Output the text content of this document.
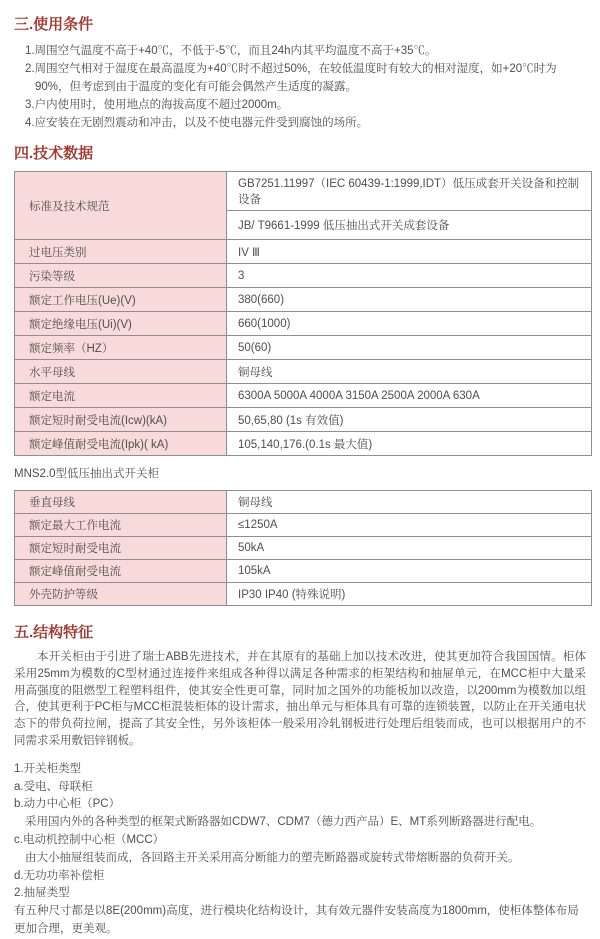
三.使用条件
1.周围空气温度不高于+40℃，不低于-5℃，而且24h内其平均温度不高于+35℃。
2.周围空气相对于湿度在最高温度为+40℃时不超过50%，在较低温度时有较大的相对湿度，如+20℃时为90%，但考虑到由于温度的变化有可能会偶然产生适度的凝露。
3.户内使用时，使用地点的海拔高度不超过2000m。
4.应安装在无剧烈震动和冲击，以及不使电器元件受到腐蚀的场所。
四.技术数据
标准及技术规范	GB7251.11997（IEC 60439-1:1999,IDT）低压成套开关设备和控制设备
	JB/ T9661-1999 低压抽出式开关成套设备
过电压类别	IV Ⅲ
污染等级	3
额定工作电压(Ue)(V)	380(660)
额定绝缘电压(Ui)(V)	660(1000)
额定频率（HZ）	50(60)
水平母线	铜母线
额定电流	6300A 5000A 4000A 3150A 2500A 2000A 630A
额定短时耐受电流(Icw)(kA)	50,65,80 (1s 有效值)
额定峰值耐受电流(Ipk)( kA)	105,140,176.(0.1s 最大值)

MNS2.0型低压抽出式开关柜

垂直母线	铜母线
额定最大工作电流	≤1250A
额定短时耐受电流	50kA
额定峰值耐受电流	105kA
外壳防护等级	IP30 IP40 (特殊说明)
五.结构特征

本开关柜由于引进了瑞士ABB先进技术，并在其原有的基础上加以技术改进，使其更加符合我国国情。柜体采用25mm为模数的C型材通过连接件来组成各种得以满足各种需求的柜架结构和抽屉单元，在MCC柜中大量采用高强度的阻燃型工程塑料组件，使其安全性更可靠，同时加之国外的功能板加以改造，以200mm为模数加以组合，使其更利于PC柜与MCC柜混装柜体的设计需求，抽出单元与柜体具有可靠的连锁装置，以防止在开关通电状态下的带负荷拉闸，提高了其安全性，另外该柜体一般采用冷轧钢板进行处理后组装而成，也可以根据用户的不同需求采用敷铝锌钢板。

1.开关柜类型
a.受电、母联柜
b.动力中心柜（PC）
采用国内外的各种类型的框架式断路器如CDW7、CDM7（德力西产品）E、MT系列断路器进行配电。
c.电动机控制中心柜（MCC）
由大小抽屉组装而成，各回路主开关采用高分断能力的塑壳断路器或旋转式带熔断器的负荷开关。
d.无功功率补偿柜
2.抽屉类型
有五种尺寸都是以8E(200mm)高度，进行模块化结构设计，其有效元器件安装高度为1800mm，使柜体整体布局更加合理，更美观。
